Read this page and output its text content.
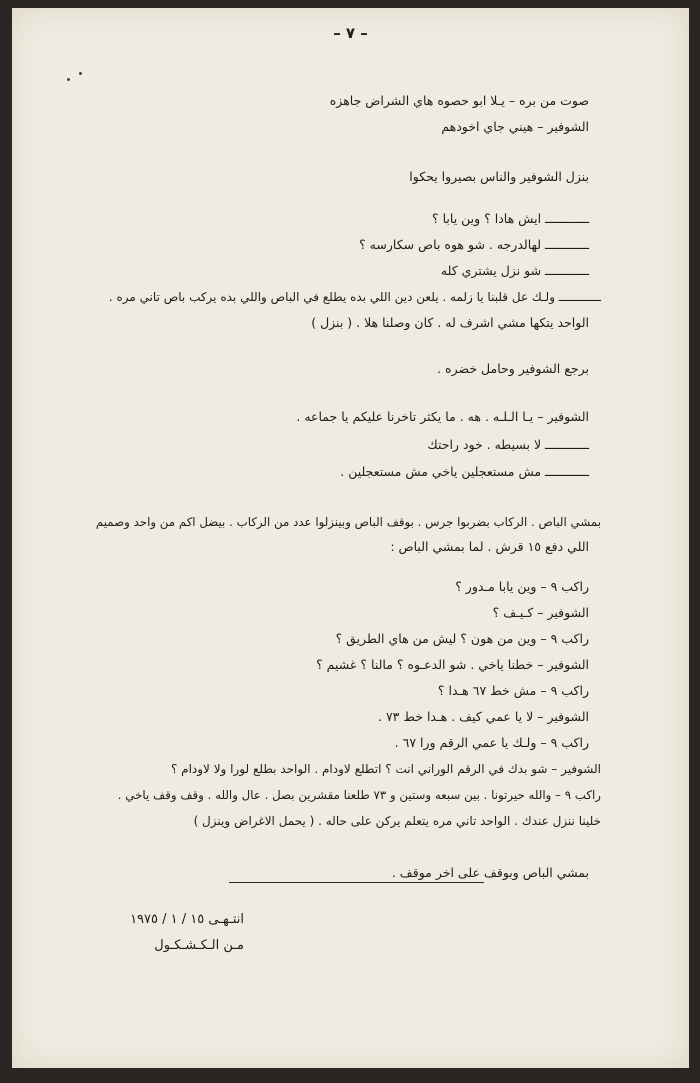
– ٧ –
صوت من بره – يـلا ابو حصوه هاي الشراض جاهزه
الشوفير – هيني جاي اخودهم
بنزل الشوفير والناس بصيروا يحكوا
ــــــــــــ ايش هادا ؟ وين يابا ؟
ــــــــــــ لهالدرجه . شو هوه باص سكارسه ؟
ــــــــــــ شو نزل يشتري كله
ــــــــــــ ولـك عل قلبنا يا زلمه . يلعن دين اللي بده يطلع في الباص واللي بده يركب باص تاني مره .
الواحد يتكها مشي اشرف له . كان وصلنا هلا . ( بنزل )
برجع الشوفير وحامل خضره .
الشوفير – يـا الـلـه . هه . ما يكثر تاخرنا عليكم يا جماعه .
ــــــــــــ لا بسيطه . خود راحتك
ــــــــــــ مش مستعجلين ياخي مش مستعجلين .
بمشي الباص . الركاب بضربوا جرس . بوقف الباص وبينزلوا عدد من الركاب . بيضل اكم من واحد وصميم
اللي دفع ١٥ قرش . لما بمشي الباص :
راكب ٩ – وين يابا مـدور ؟
الشوفير – كـيـف ؟
راكب ٩ – وين من هون ؟ ليش من هاي الطريق ؟
الشوفير – خطنا ياخي . شو الدعـوه ؟ مالنا ؟ غشيم ؟
راكب ٩ – مش خط ٦٧ هـدا ؟
الشوفير – لا يا عمي كيف . هـدا خط ٧٣ .
راكب ٩ – ولـك يا عمي الرقم ورا ٦٧ .
الشوفير – شو بدك في الرقم الوراني انت ؟ اتطلع لاودام . الواحد بطلع لورا ولا لاودام ؟
راكب ٩ – والله حيرتونا . بين سبعه وستين و ٧٣ طلعنا مقشرين بصل . عال والله . وقف وقف ياخي .
خلينا ننزل عندك . الواحد تاني مره يتعلم يركن على حاله . ( يحمل الاغراض وينزل )
بمشي الباص وبوقف على اخر موقف .
انتـهـى ١٥ / ١ / ١٩٧٥
مـن الـكـشـكـول
